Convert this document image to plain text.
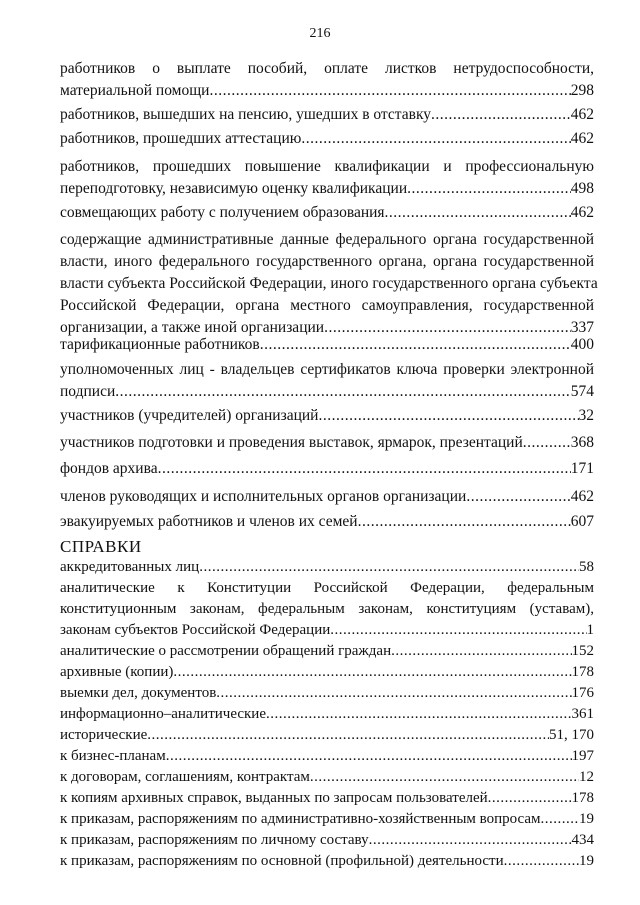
216
работников о выплате пособий, оплате листков нетрудоспособности,
материальной помощи .....	298
работников, вышедших на пенсию, ушедших в отставку .....	462
работников, прошедших аттестацию .....	462
работников, прошедших повышение квалификации и профессиональную
переподготовку, независимую оценку квалификации .....	498
совмещающих работу с получением образования .....	462
содержащие административные данные федерального органа государственной
власти, иного федерального государственного органа, органа государственной
власти субъекта Российской Федерации, иного государственного органа субъекта
Российской Федерации, органа местного самоуправления, государственной
организации, а также иной организации .....	337
тарификационные работников .....	400
уполномоченных лиц - владельцев сертификатов ключа проверки электронной
подписи .....	574
участников (учредителей) организаций .....	32
участников подготовки и проведения выставок, ярмарок, презентаций .....	368
фондов архива .....	171
членов руководящих и исполнительных органов организации .....	462
эвакуируемых работников и членов их семей .....	607
СПРАВКИ
аккредитованных лиц .....	58
аналитические к Конституции Российской Федерации, федеральным
конституционным законам, федеральным законам, конституциям (уставам),
законам субъектов Российской Федерации .....	1
аналитические о рассмотрении обращений граждан .....	152
архивные (копии) .....	178
выемки дел, документов .....	176
информационно–аналитические .....	361
исторические .....	51, 170
к бизнес-планам .....	197
к договорам, соглашениям, контрактам .....	12
к копиям архивных справок, выданных по запросам пользователей .....	178
к приказам, распоряжениям по административно-хозяйственным вопросам .....	19
к приказам, распоряжениям по личному составу .....	434
к приказам, распоряжениям по основной (профильной) деятельности .....	19
